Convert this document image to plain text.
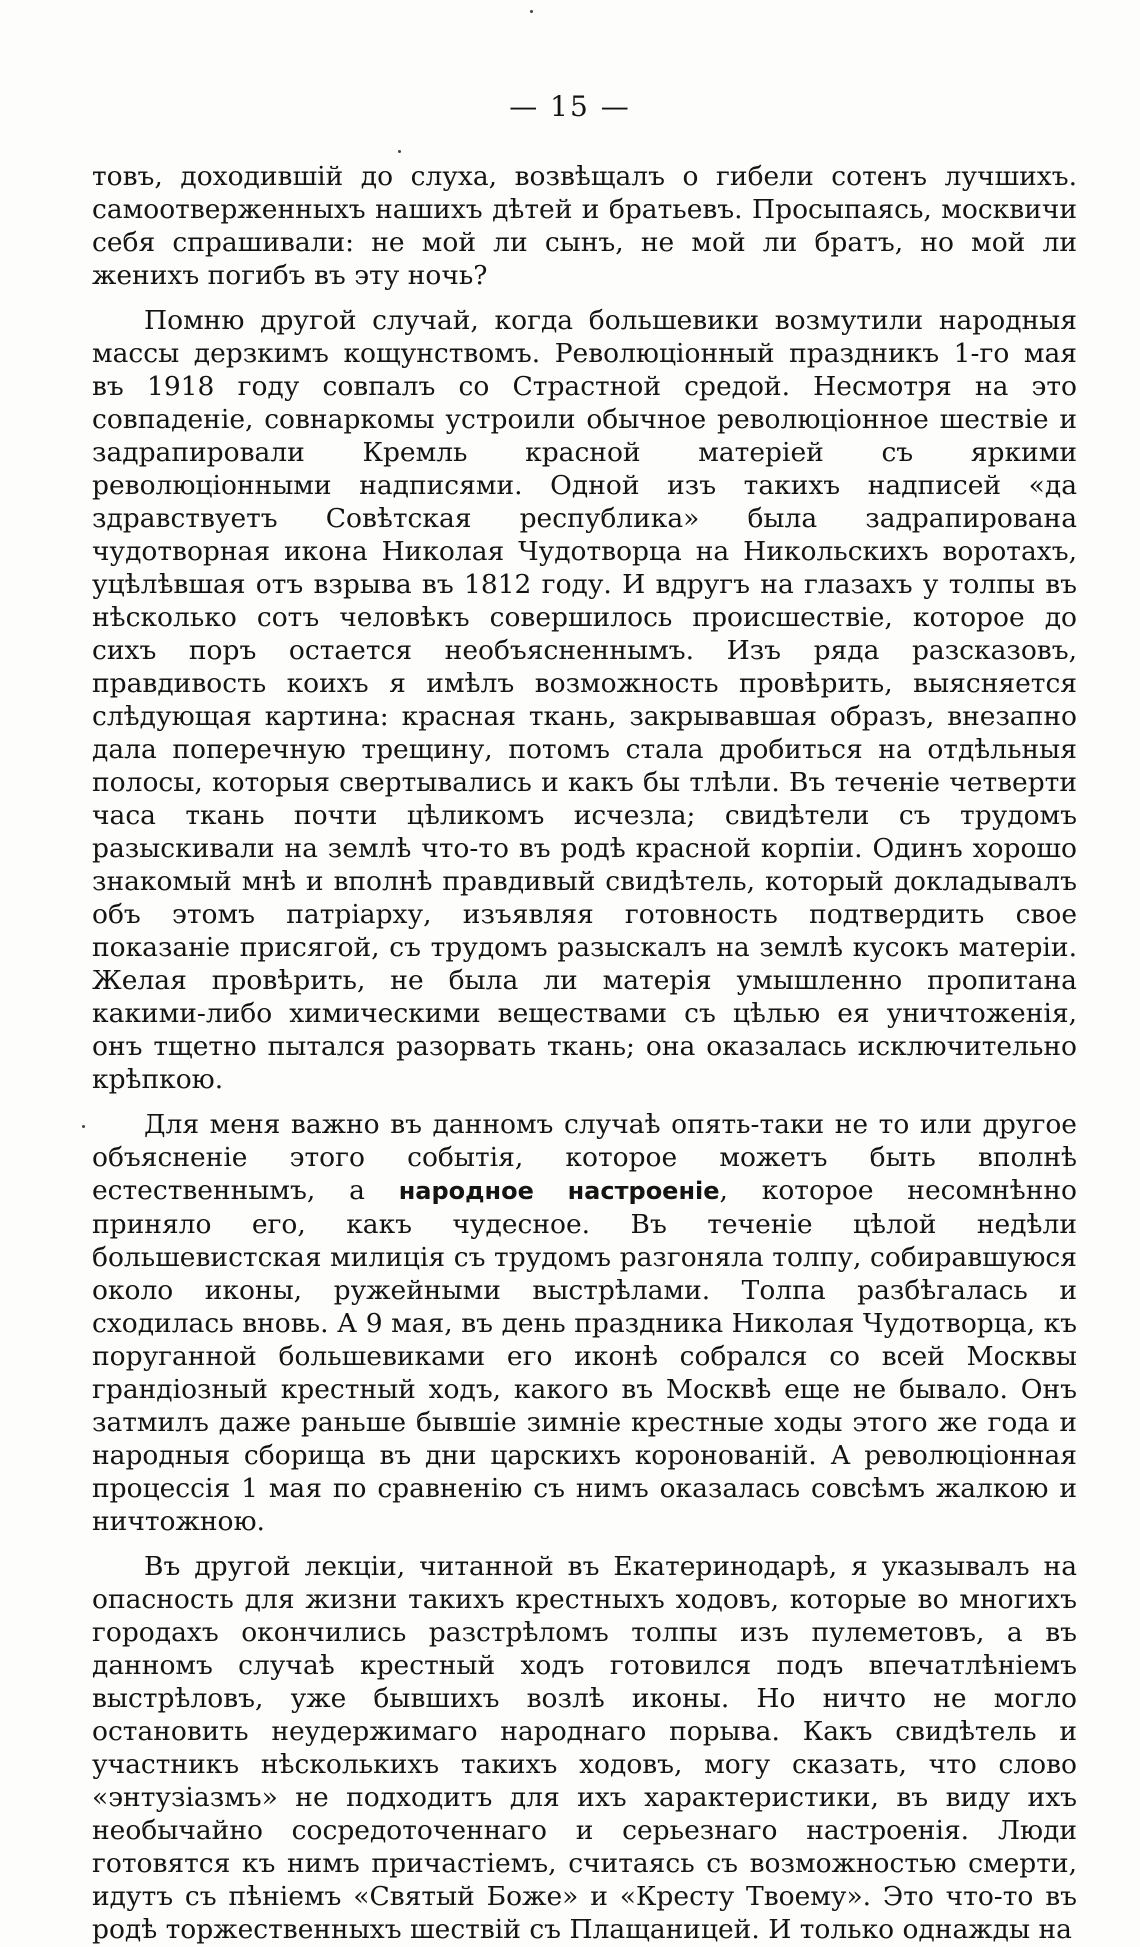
— 15 —

товъ, доходившій до слуха, возвѣщалъ о гибели сотенъ лучшихъ. самоотверженныхъ нашихъ дѣтей и братьевъ. Просыпаясь, москвичи себя спрашивали: не мой ли сынъ, не мой ли братъ, но мой ли женихъ погибъ въ эту ночь?

Помню другой случай, когда большевики возмутили народныя массы дерзкимъ кощунствомъ. Революціонный праздникъ 1-го мая въ 1918 году совпалъ со Страстной средой. Несмотря на это совпаденіе, совнаркомы устроили обычное революціонное шествіе и задрапировали Кремль красной матеріей съ яркими революціонными надписями. Одной изъ такихъ надписей «да здравствуетъ Совѣтская республика» была задрапирована чудотворная икона Николая Чудотворца на Никольскихъ воротахъ, уцѣлѣвшая отъ взрыва въ 1812 году. И вдругъ на глазахъ у толпы въ нѣсколько сотъ человѣкъ совершилось происшествіе, которое до сихъ поръ остается необъясненнымъ. Изъ ряда разсказовъ, правдивость коихъ я имѣлъ возможность провѣрить, выясняется слѣдующая картина: красная ткань, закрывавшая образъ, внезапно дала поперечную трещину, потомъ стала дробиться на отдѣльныя полосы, которыя свертывались и какъ бы тлѣли. Въ теченіе четверти часа ткань почти цѣликомъ исчезла; свидѣтели съ трудомъ разыскивали на землѣ что-то въ родѣ красной корпіи. Одинъ хорошо знакомый мнѣ и вполнѣ правдивый свидѣтель, который докладывалъ объ этомъ патріарху, изъявляя готовность подтвердить свое показаніе присягой, съ трудомъ разыскалъ на землѣ кусокъ матеріи. Желая провѣрить, не была ли матерія умышленно пропитана какими-либо химическими веществами съ цѣлью ея уничтоженія, онъ тщетно пытался разорвать ткань; она оказалась исключительно крѣпкою.

Для меня важно въ данномъ случаѣ опять-таки не то или другое объясненіе этого событія, которое можетъ быть вполнѣ естественнымъ, а народное настроеніе, которое несомнѣнно приняло его, какъ чудесное. Въ теченіе цѣлой недѣли большевистская милиція съ трудомъ разгоняла толпу, собиравшуюся около иконы, ружейными выстрѣлами. Толпа разбѣгалась и сходилась вновь. А 9 мая, въ день праздника Николая Чудотворца, къ поруганной большевиками его иконѣ собрался со всей Москвы грандіозный крестный ходъ, какого въ Москвѣ еще не бывало. Онъ затмилъ даже раньше бывшіе зимніе крестные ходы этого же года и народныя сборища въ дни царскихъ коронованій. А революціонная процессія 1 мая по сравненію съ нимъ оказалась совсѣмъ жалкою и ничтожною.

Въ другой лекціи, читанной въ Екатеринодарѣ, я указывалъ на опасность для жизни такихъ крестныхъ ходовъ, которые во многихъ городахъ окончились разстрѣломъ толпы изъ пулеметовъ, а въ данномъ случаѣ крестный ходъ готовился подъ впечатлѣніемъ выстрѣловъ, уже бывшихъ возлѣ иконы. Но ничто не могло остановить неудержимаго народнаго порыва. Какъ свидѣтель и участникъ нѣсколькихъ такихъ ходовъ, могу сказать, что слово «энтузіазмъ» не подходитъ для ихъ характеристики, въ виду ихъ необычайно сосредоточеннаго и серьезнаго настроенія. Люди готовятся къ нимъ причастіемъ, считаясь съ возможностью смерти, идутъ съ пѣніемъ «Святый Боже» и «Кресту Твоему». Это что-то въ родѣ торжественныхъ шествій съ Плащаницей. И только однажды на
